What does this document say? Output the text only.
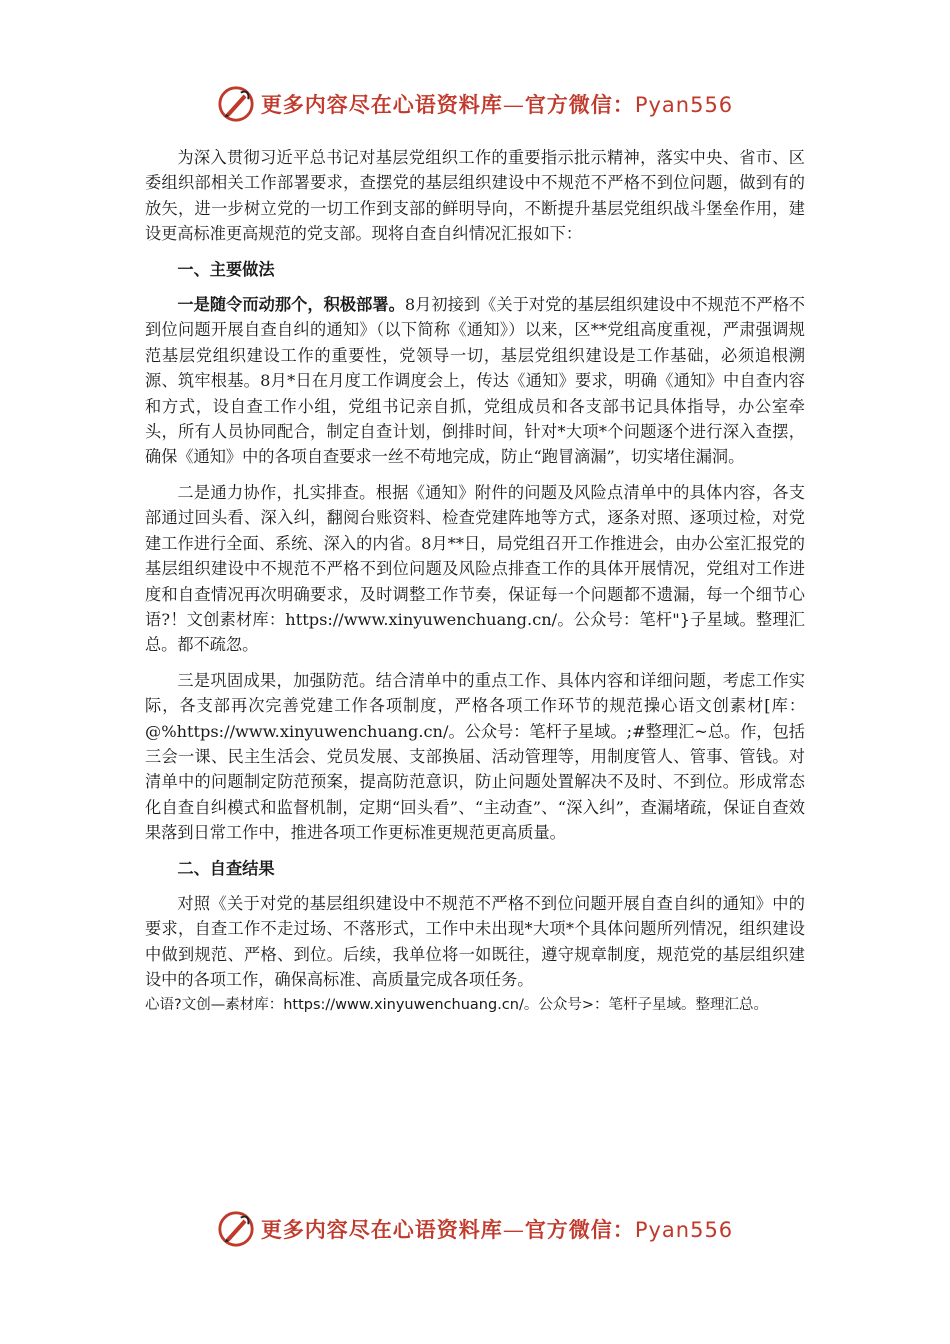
更多内容尽在心语资料库—官方微信：Pyan556

为深入贯彻习近平总书记对基层党组织工作的重要指示批示精神，落实中央、省市、区委组织部相关工作部署要求，查摆党的基层组织建设中不规范不严格不到位问题，做到有的放矢，进一步树立党的一切工作到支部的鲜明导向，不断提升基层党组织战斗堡垒作用，建设更高标准更高规范的党支部。现将自查自纠情况汇报如下：

一、主要做法

一是随令而动那个，积极部署。8月初接到《关于对党的基层组织建设中不规范不严格不到位问题开展自查自纠的通知》（以下简称《通知》）以来，区**党组高度重视，严肃强调规范基层党组织建设工作的重要性，党领导一切，基层党组织建设是工作基础，必须追根溯源、筑牢根基。8月*日在月度工作调度会上，传达《通知》要求，明确《通知》中自查内容和方式，设自查工作小组，党组书记亲自抓，党组成员和各支部书记具体指导，办公室牵头，所有人员协同配合，制定自查计划，倒排时间，针对*大项*个问题逐个进行深入查摆，确保《通知》中的各项自查要求一丝不苟地完成，防止“跑冒滴漏”，切实堵住漏洞。

二是通力协作，扎实排查。根据《通知》附件的问题及风险点清单中的具体内容，各支部通过回头看、深入纠，翻阅台账资料、检查党建阵地等方式，逐条对照、逐项过检，对党建工作进行全面、系统、深入的内省。8月**日，局党组召开工作推进会，由办公室汇报党的基层组织建设中不规范不严格不到位问题及风险点排查工作的具体开展情况，党组对工作进度和自查情况再次明确要求，及时调整工作节奏，保证每一个问题都不遗漏，每一个细节心语?！文创素材库：https://www.xinyuwenchuang.cn/。公众号：笔杆"}子星域。整理汇总。都不疏忽。

三是巩固成果，加强防范。结合清单中的重点工作、具体内容和详细问题，考虑工作实际，各支部再次完善党建工作各项制度，严格各项工作环节的规范操心语文创素材[库：@%https://www.xinyuwenchuang.cn/。公众号：笔杆子星域。;#整理汇~总。作，包括三会一课、民主生活会、党员发展、支部换届、活动管理等，用制度管人、管事、管钱。对清单中的问题制定防范预案，提高防范意识，防止问题处置解决不及时、不到位。形成常态化自查自纠模式和监督机制，定期“回头看”、“主动查”、“深入纠”，查漏堵疏，保证自查效果落到日常工作中，推进各项工作更标准更规范更高质量。

二、自查结果

对照《关于对党的基层组织建设中不规范不严格不到位问题开展自查自纠的通知》中的要求，自查工作不走过场、不落形式，工作中未出现*大项*个具体问题所列情况，组织建设中做到规范、严格、到位。后续，我单位将一如既往，遵守规章制度，规范党的基层组织建设中的各项工作，确保高标准、高质量完成各项任务。

心语?文创—素材库：https://www.xinyuwenchuang.cn/。公众号>：笔杆子星域。整理汇总。

更多内容尽在心语资料库—官方微信：Pyan556
